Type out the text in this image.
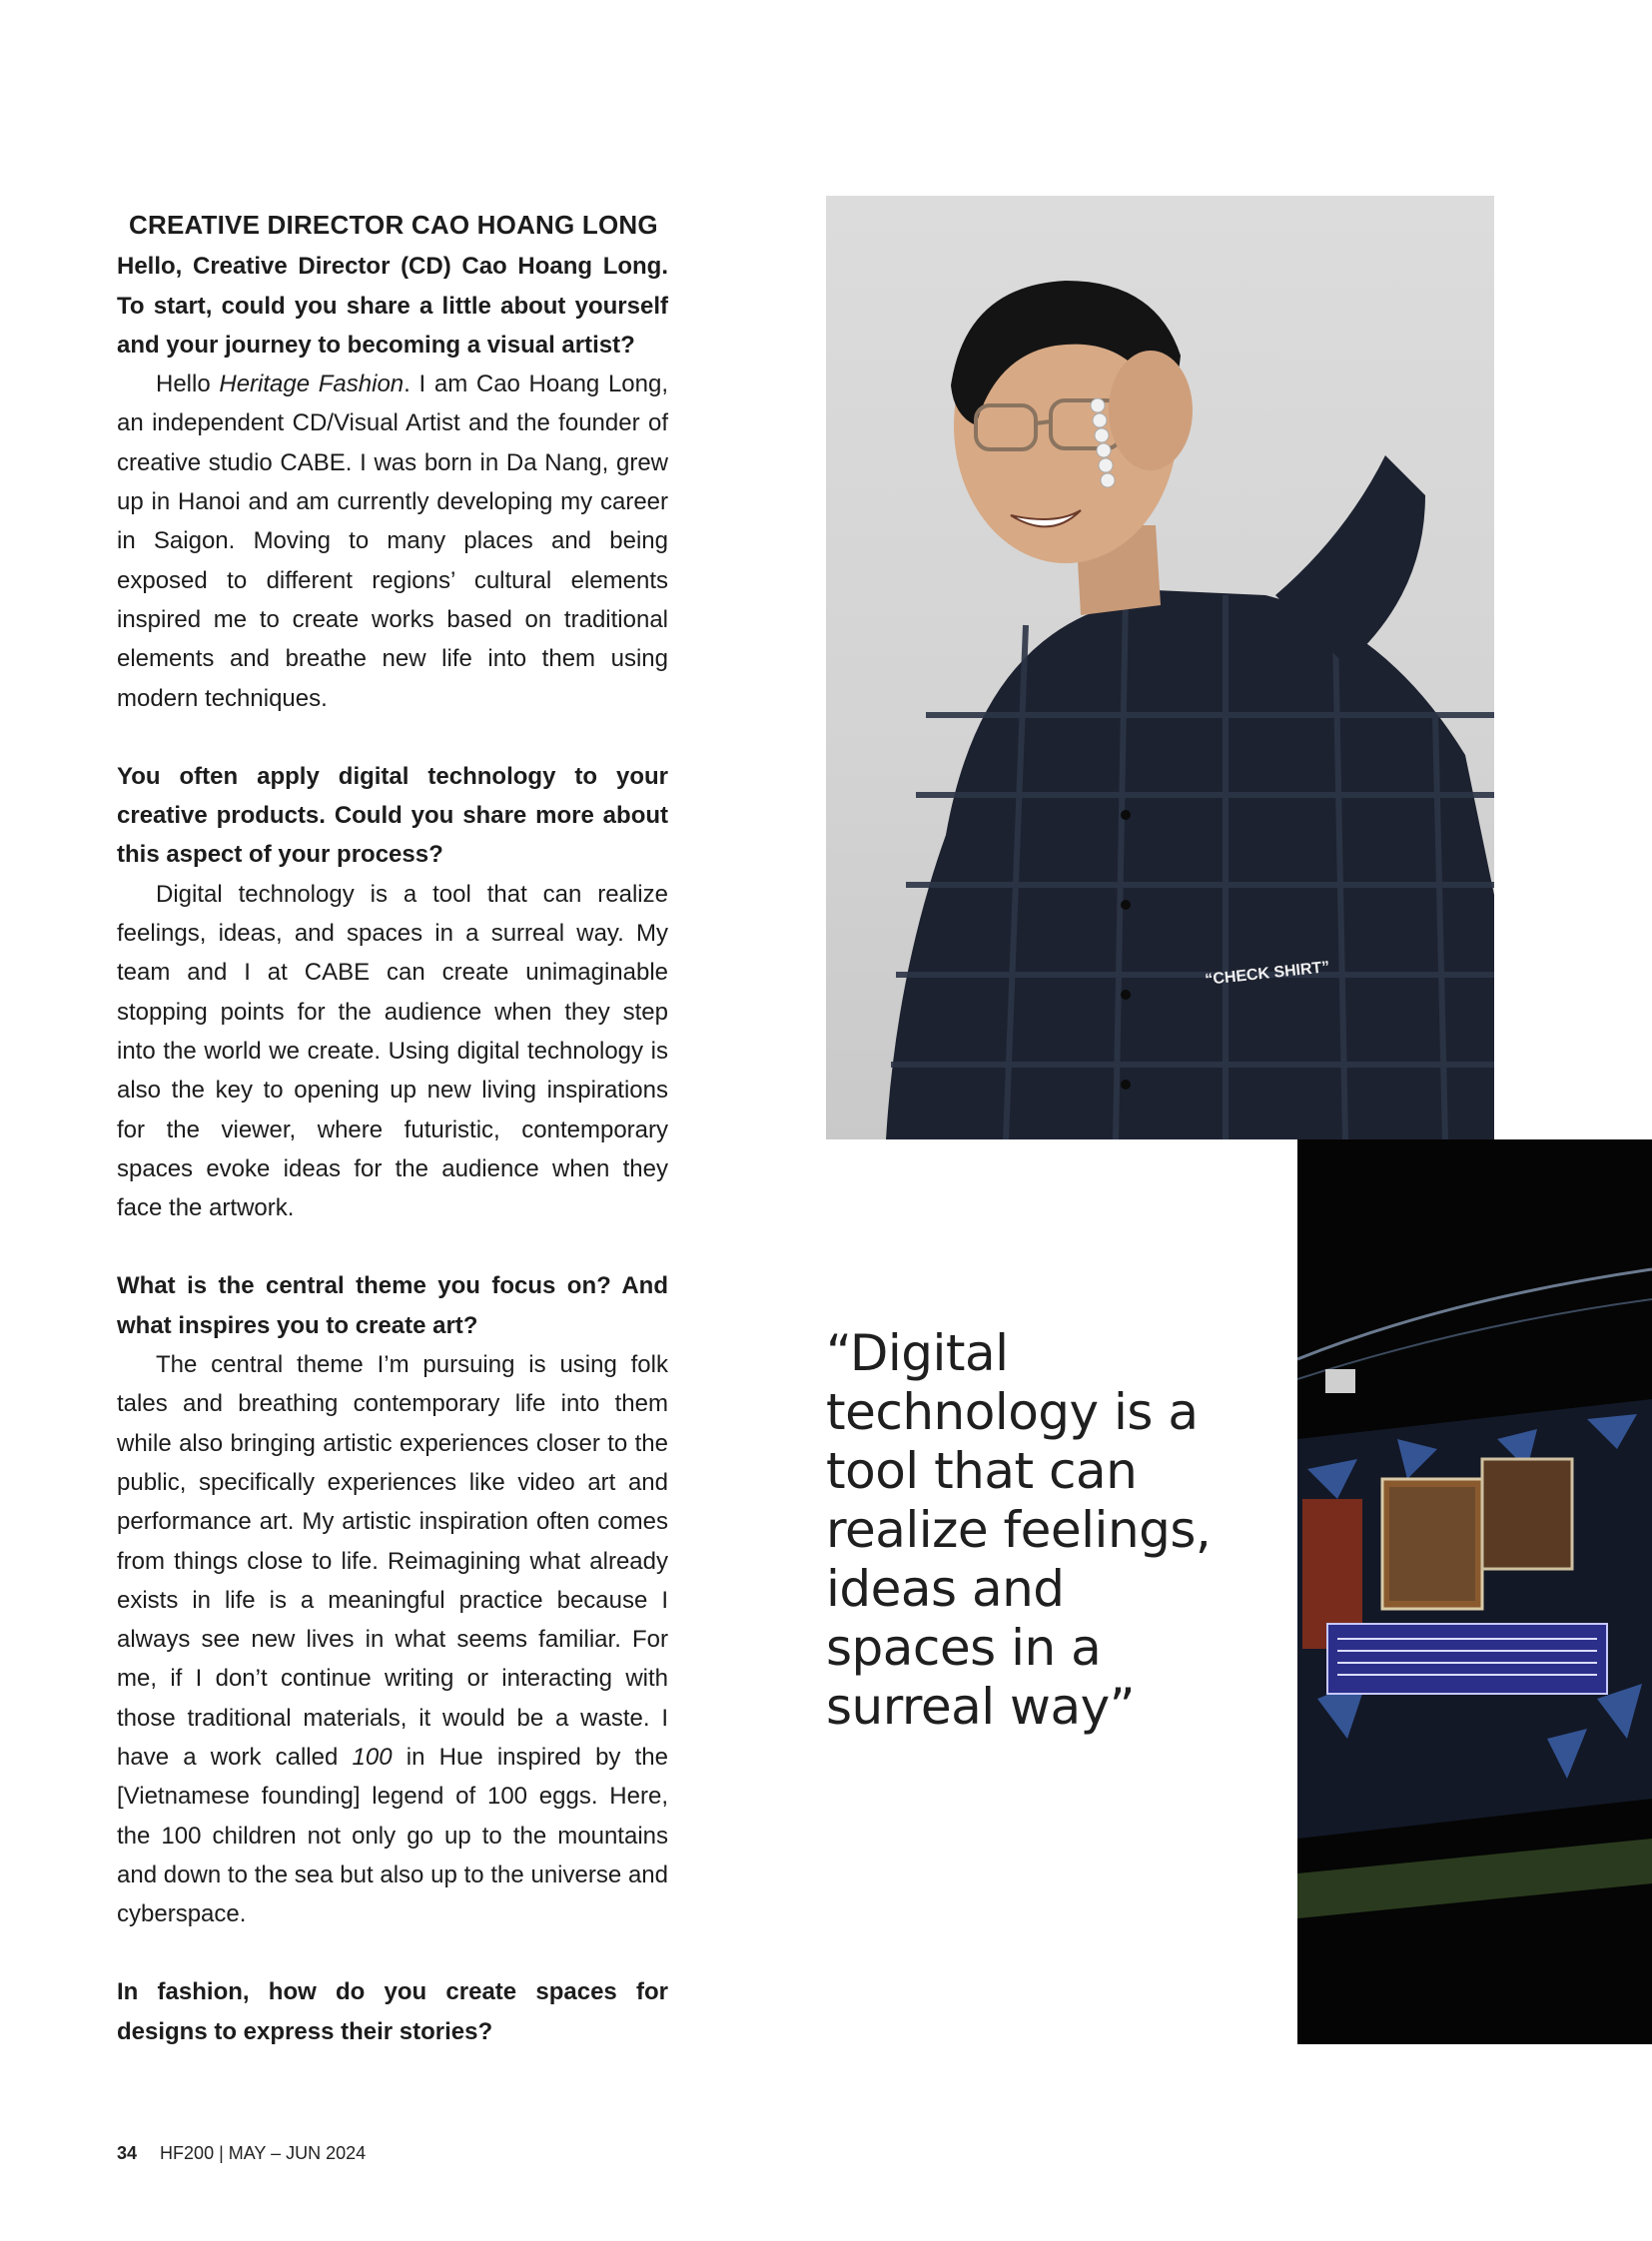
CREATIVE DIRECTOR CAO HOANG LONG

Hello, Creative Director (CD) Cao Hoang Long. To start, could you share a little about yourself and your journey to becoming a visual artist?

Hello Heritage Fashion. I am Cao Hoang Long, an independent CD/Visual Artist and the founder of creative studio CABE. I was born in Da Nang, grew up in Hanoi and am currently developing my career in Saigon. Moving to many places and being exposed to different regions’ cultural elements inspired me to create works based on traditional elements and breathe new life into them using modern techniques.

You often apply digital technology to your creative products. Could you share more about this aspect of your process?

Digital technology is a tool that can realize feelings, ideas, and spaces in a surreal way. My team and I at CABE can create unimaginable stopping points for the audience when they step into the world we create. Using digital technology is also the key to opening up new living inspirations for the viewer, where futuristic, contemporary spaces evoke ideas for the audience when they face the artwork.

What is the central theme you focus on? And what inspires you to create art?

The central theme I’m pursuing is using folk tales and breathing contemporary life into them while also bringing artistic experiences closer to the public, specifically experiences like video art and performance art. My artistic inspiration often comes from things close to life. Reimagining what already exists in life is a meaningful practice because I always see new lives in what seems familiar. For me, if I don’t continue writing or interacting with those traditional materials, it would be a waste. I have a work called 100 in Hue inspired by the [Vietnamese founding] legend of 100 eggs. Here, the 100 children not only go up to the mountains and down to the sea but also up to the universe and cyberspace.

In fashion, how do you create spaces for designs to express their stories?

“CHECK SHIRT”
“Digital technology is a tool that can realize feelings, ideas and spaces in a surreal way”
34 HF200 | MAY – JUN 2024
